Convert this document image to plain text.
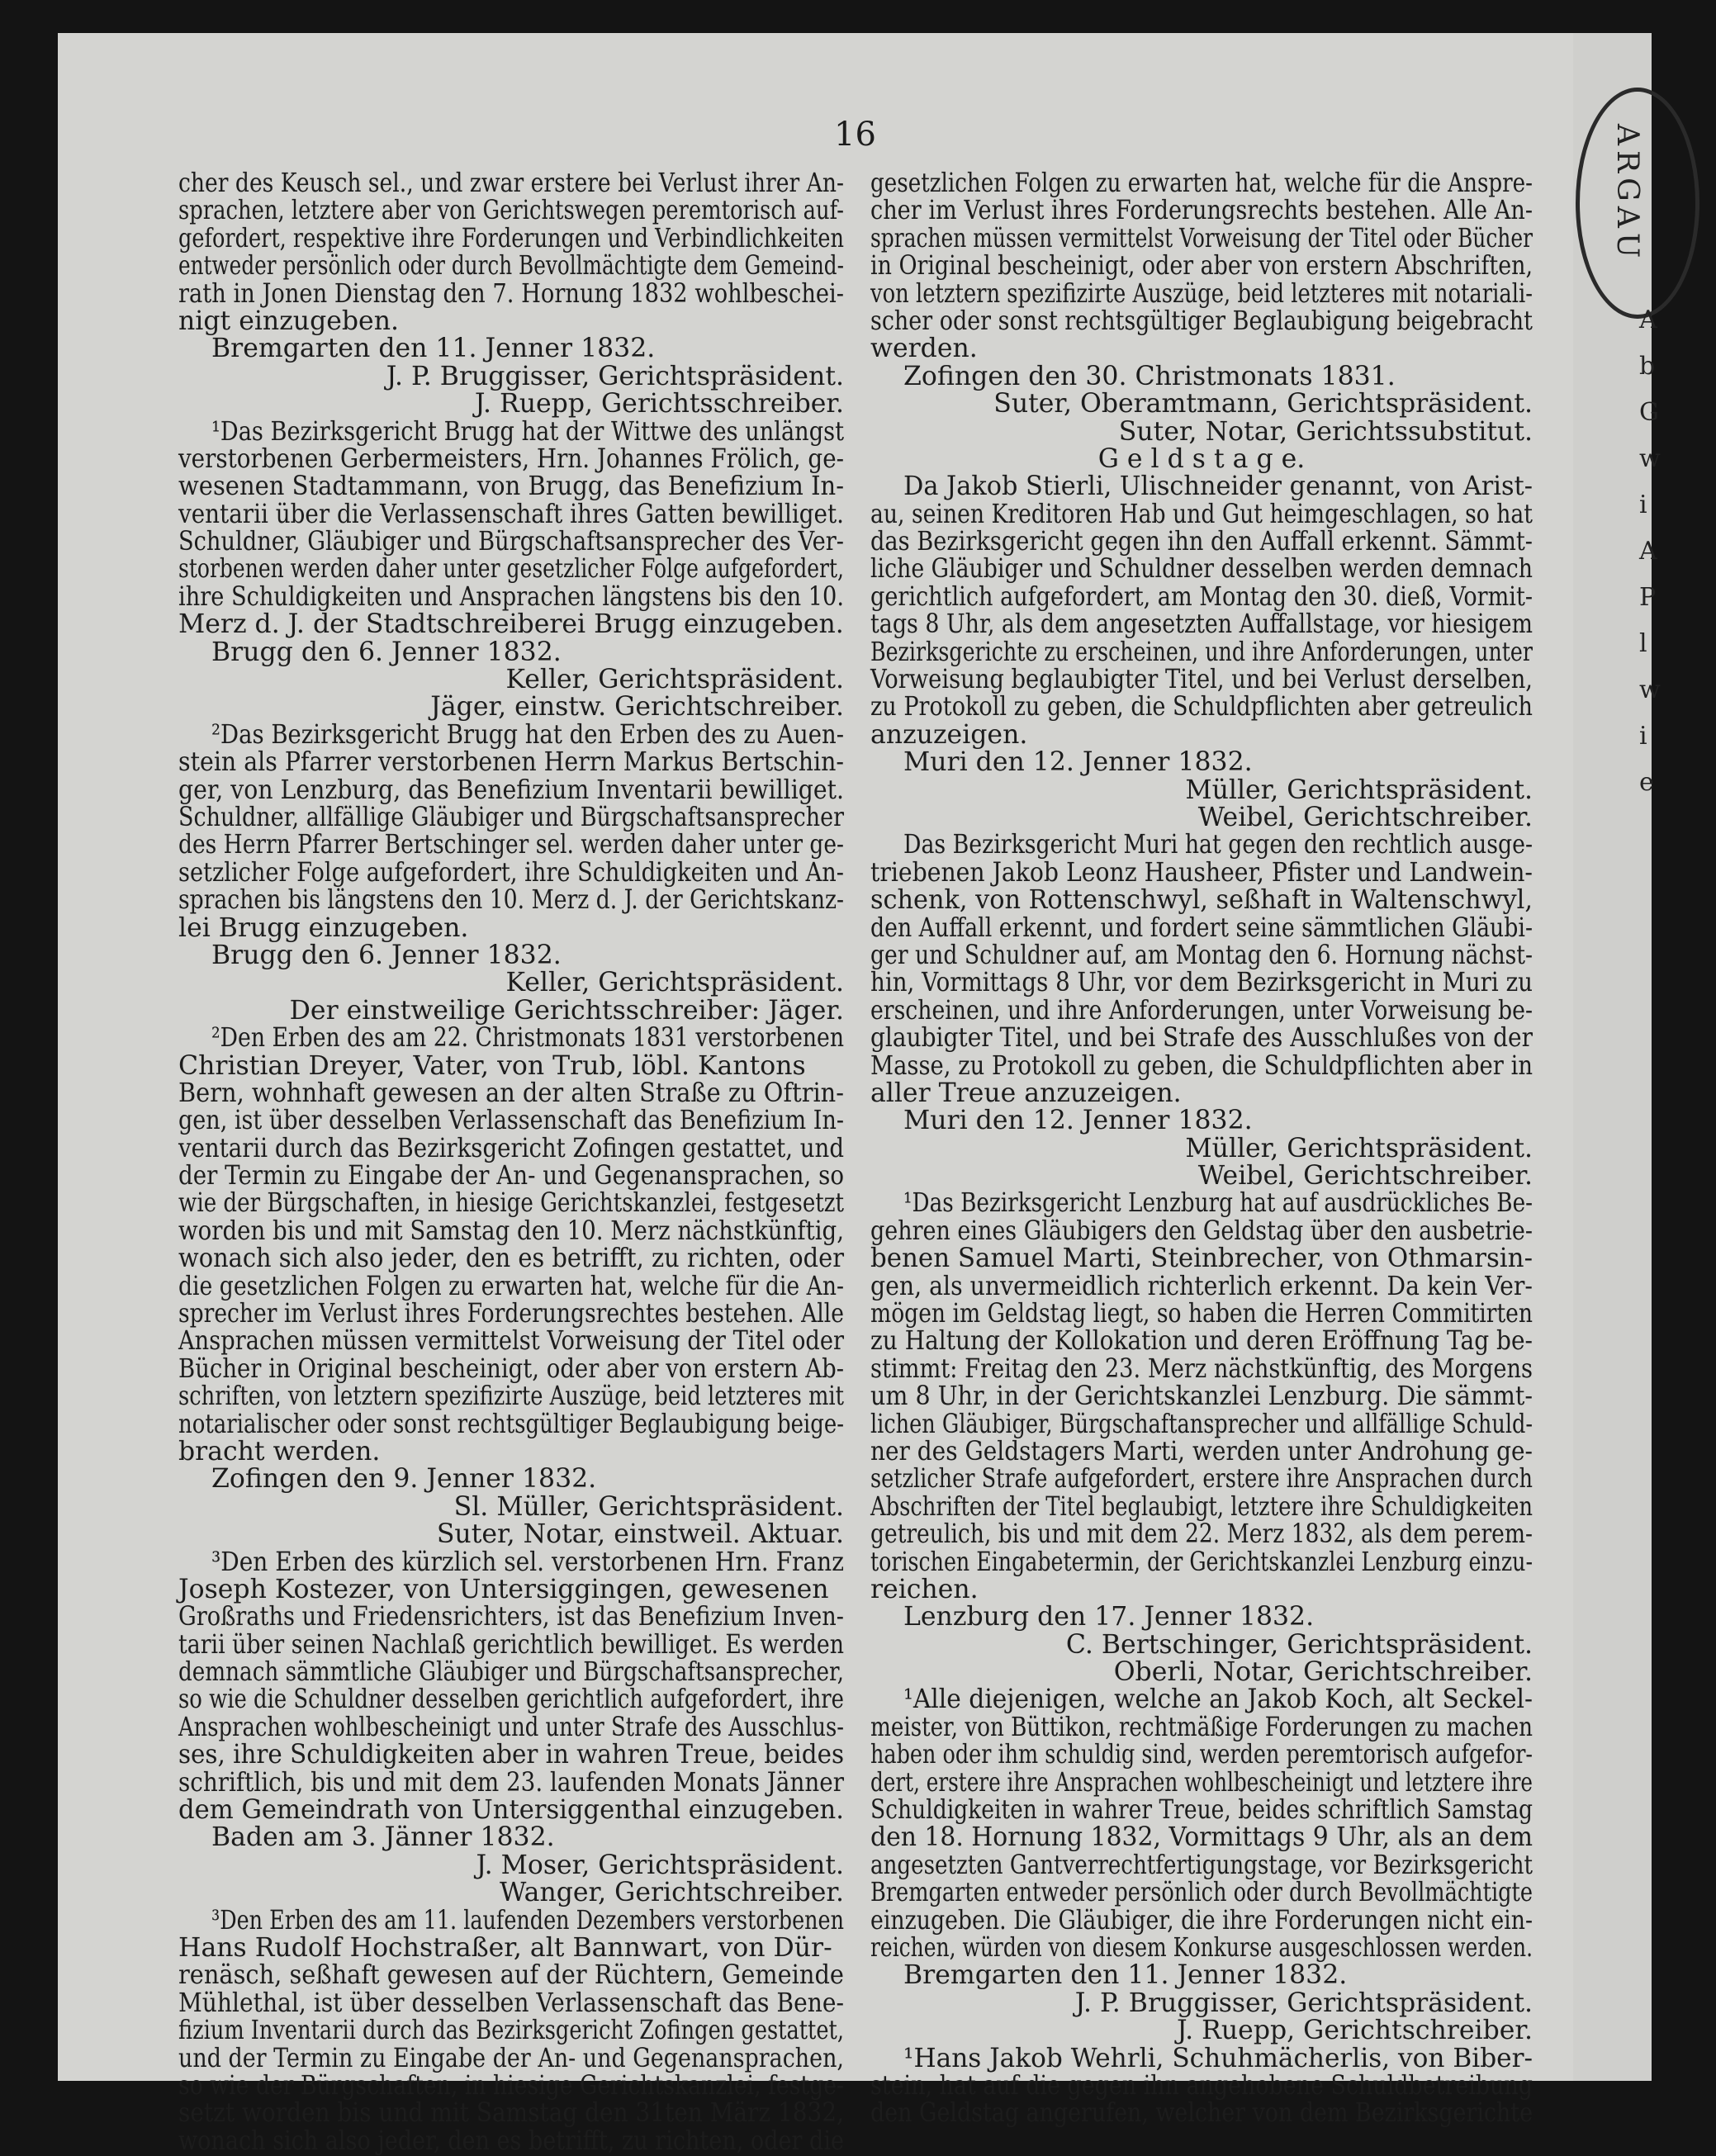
ARGAU
A
b
G
w
i
A
P
l
w
i
e
16
cher des Keusch sel., und zwar erstere bei Verlust ihrer An-
sprachen, letztere aber von Gerichtswegen peremtorisch auf-
gefordert, respektive ihre Forderungen und Verbindlichkeiten
entweder persönlich oder durch Bevollmächtigte dem Gemeind-
rath in Jonen Dienstag den 7. Hornung 1832 wohlbeschei-
nigt einzugeben.
Bremgarten den 11. Jenner 1832.
J. P. Bruggisser, Gerichtspräsident.
J. Ruepp, Gerichtsschreiber.
¹Das Bezirksgericht Brugg hat der Wittwe des unlängst
verstorbenen Gerbermeisters, Hrn. Johannes Frölich, ge-
wesenen Stadtammann, von Brugg, das Benefizium In-
ventarii über die Verlassenschaft ihres Gatten bewilliget.
Schuldner, Gläubiger und Bürgschaftsansprecher des Ver-
storbenen werden daher unter gesetzlicher Folge aufgefordert,
ihre Schuldigkeiten und Ansprachen längstens bis den 10.
Merz d. J. der Stadtschreiberei Brugg einzugeben.
Brugg den 6. Jenner 1832.
Keller, Gerichtspräsident.
Jäger, einstw. Gerichtschreiber.
²Das Bezirksgericht Brugg hat den Erben des zu Auen-
stein als Pfarrer verstorbenen Herrn Markus Bertschin-
ger, von Lenzburg, das Benefizium Inventarii bewilliget.
Schuldner, allfällige Gläubiger und Bürgschaftsansprecher
des Herrn Pfarrer Bertschinger sel. werden daher unter ge-
setzlicher Folge aufgefordert, ihre Schuldigkeiten und An-
sprachen bis längstens den 10. Merz d. J. der Gerichtskanz-
lei Brugg einzugeben.
Brugg den 6. Jenner 1832.
Keller, Gerichtspräsident.
Der einstweilige Gerichtsschreiber: Jäger.
²Den Erben des am 22. Christmonats 1831 verstorbenen
Christian Dreyer, Vater, von Trub, löbl. Kantons
Bern, wohnhaft gewesen an der alten Straße zu Oftrin-
gen, ist über desselben Verlassenschaft das Benefizium In-
ventarii durch das Bezirksgericht Zofingen gestattet, und
der Termin zu Eingabe der An- und Gegenansprachen, so
wie der Bürgschaften, in hiesige Gerichtskanzlei, festgesetzt
worden bis und mit Samstag den 10. Merz nächstkünftig,
wonach sich also jeder, den es betrifft, zu richten, oder
die gesetzlichen Folgen zu erwarten hat, welche für die An-
sprecher im Verlust ihres Forderungsrechtes bestehen. Alle
Ansprachen müssen vermittelst Vorweisung der Titel oder
Bücher in Original bescheinigt, oder aber von erstern Ab-
schriften, von letztern spezifizirte Auszüge, beid letzteres mit
notarialischer oder sonst rechtsgültiger Beglaubigung beige-
bracht werden.
Zofingen den 9. Jenner 1832.
Sl. Müller, Gerichtspräsident.
Suter, Notar, einstweil. Aktuar.
³Den Erben des kürzlich sel. verstorbenen Hrn. Franz
Joseph Kostezer, von Untersiggingen, gewesenen
Großraths und Friedensrichters, ist das Benefizium Inven-
tarii über seinen Nachlaß gerichtlich bewilliget. Es werden
demnach sämmtliche Gläubiger und Bürgschaftsansprecher,
so wie die Schuldner desselben gerichtlich aufgefordert, ihre
Ansprachen wohlbescheinigt und unter Strafe des Ausschlus-
ses, ihre Schuldigkeiten aber in wahren Treue, beides
schriftlich, bis und mit dem 23. laufenden Monats Jänner
dem Gemeindrath von Untersiggenthal einzugeben.
Baden am 3. Jänner 1832.
J. Moser, Gerichtspräsident.
Wanger, Gerichtschreiber.
³Den Erben des am 11. laufenden Dezembers verstorbenen
Hans Rudolf Hochstraßer, alt Bannwart, von Dür-
renäsch, seßhaft gewesen auf der Rüchtern, Gemeinde
Mühlethal, ist über desselben Verlassenschaft das Bene-
fizium Inventarii durch das Bezirksgericht Zofingen gestattet,
und der Termin zu Eingabe der An- und Gegenansprachen,
so wie der Bürgschaften, in hiesige Gerichtskanzlei, festge-
setzt worden bis und mit Samstag den 31ten März 1832,
wonach sich also jeder, den es betrifft, zu richten, oder die
gesetzlichen Folgen zu erwarten hat, welche für die Anspre-
cher im Verlust ihres Forderungsrechts bestehen. Alle An-
sprachen müssen vermittelst Vorweisung der Titel oder Bücher
in Original bescheinigt, oder aber von erstern Abschriften,
von letztern spezifizirte Auszüge, beid letzteres mit notariali-
scher oder sonst rechtsgültiger Beglaubigung beigebracht
werden.
Zofingen den 30. Christmonats 1831.
Suter, Oberamtmann, Gerichtspräsident.
Suter, Notar, Gerichtssubstitut.
G e l d s t a g e.
Da Jakob Stierli, Ulischneider genannt, von Arist-
au, seinen Kreditoren Hab und Gut heimgeschlagen, so hat
das Bezirksgericht gegen ihn den Auffall erkennt. Sämmt-
liche Gläubiger und Schuldner desselben werden demnach
gerichtlich aufgefordert, am Montag den 30. dieß, Vormit-
tags 8 Uhr, als dem angesetzten Auffallstage, vor hiesigem
Bezirksgerichte zu erscheinen, und ihre Anforderungen, unter
Vorweisung beglaubigter Titel, und bei Verlust derselben,
zu Protokoll zu geben, die Schuldpflichten aber getreulich
anzuzeigen.
Muri den 12. Jenner 1832.
Müller, Gerichtspräsident.
Weibel, Gerichtschreiber.
Das Bezirksgericht Muri hat gegen den rechtlich ausge-
triebenen Jakob Leonz Hausheer, Pfister und Landwein-
schenk, von Rottenschwyl, seßhaft in Waltenschwyl,
den Auffall erkennt, und fordert seine sämmtlichen Gläubi-
ger und Schuldner auf, am Montag den 6. Hornung nächst-
hin, Vormittags 8 Uhr, vor dem Bezirksgericht in Muri zu
erscheinen, und ihre Anforderungen, unter Vorweisung be-
glaubigter Titel, und bei Strafe des Ausschlußes von der
Masse, zu Protokoll zu geben, die Schuldpflichten aber in
aller Treue anzuzeigen.
Muri den 12. Jenner 1832.
Müller, Gerichtspräsident.
Weibel, Gerichtschreiber.
¹Das Bezirksgericht Lenzburg hat auf ausdrückliches Be-
gehren eines Gläubigers den Geldstag über den ausbetrie-
benen Samuel Marti, Steinbrecher, von Othmarsin-
gen, als unvermeidlich richterlich erkennt. Da kein Ver-
mögen im Geldstag liegt, so haben die Herren Commitirten
zu Haltung der Kollokation und deren Eröffnung Tag be-
stimmt: Freitag den 23. Merz nächstkünftig, des Morgens
um 8 Uhr, in der Gerichtskanzlei Lenzburg. Die sämmt-
lichen Gläubiger, Bürgschaftansprecher und allfällige Schuld-
ner des Geldstagers Marti, werden unter Androhung ge-
setzlicher Strafe aufgefordert, erstere ihre Ansprachen durch
Abschriften der Titel beglaubigt, letztere ihre Schuldigkeiten
getreulich, bis und mit dem 22. Merz 1832, als dem perem-
torischen Eingabetermin, der Gerichtskanzlei Lenzburg einzu-
reichen.
Lenzburg den 17. Jenner 1832.
C. Bertschinger, Gerichtspräsident.
Oberli, Notar, Gerichtschreiber.
¹Alle diejenigen, welche an Jakob Koch, alt Seckel-
meister, von Büttikon, rechtmäßige Forderungen zu machen
haben oder ihm schuldig sind, werden peremtorisch aufgefor-
dert, erstere ihre Ansprachen wohlbescheinigt und letztere ihre
Schuldigkeiten in wahrer Treue, beides schriftlich Samstag
den 18. Hornung 1832, Vormittags 9 Uhr, als an dem
angesetzten Gantverrechtfertigungstage, vor Bezirksgericht
Bremgarten entweder persönlich oder durch Bevollmächtigte
einzugeben. Die Gläubiger, die ihre Forderungen nicht ein-
reichen, würden von diesem Konkurse ausgeschlossen werden.
Bremgarten den 11. Jenner 1832.
J. P. Bruggisser, Gerichtspräsident.
J. Ruepp, Gerichtschreiber.
¹Hans Jakob Wehrli, Schuhmächerlis, von Biber-
stein, hat auf die gegen ihn angehobene Schuldbetreibung
den Geldstag angerufen, welcher von dem Bezirksgerichte
